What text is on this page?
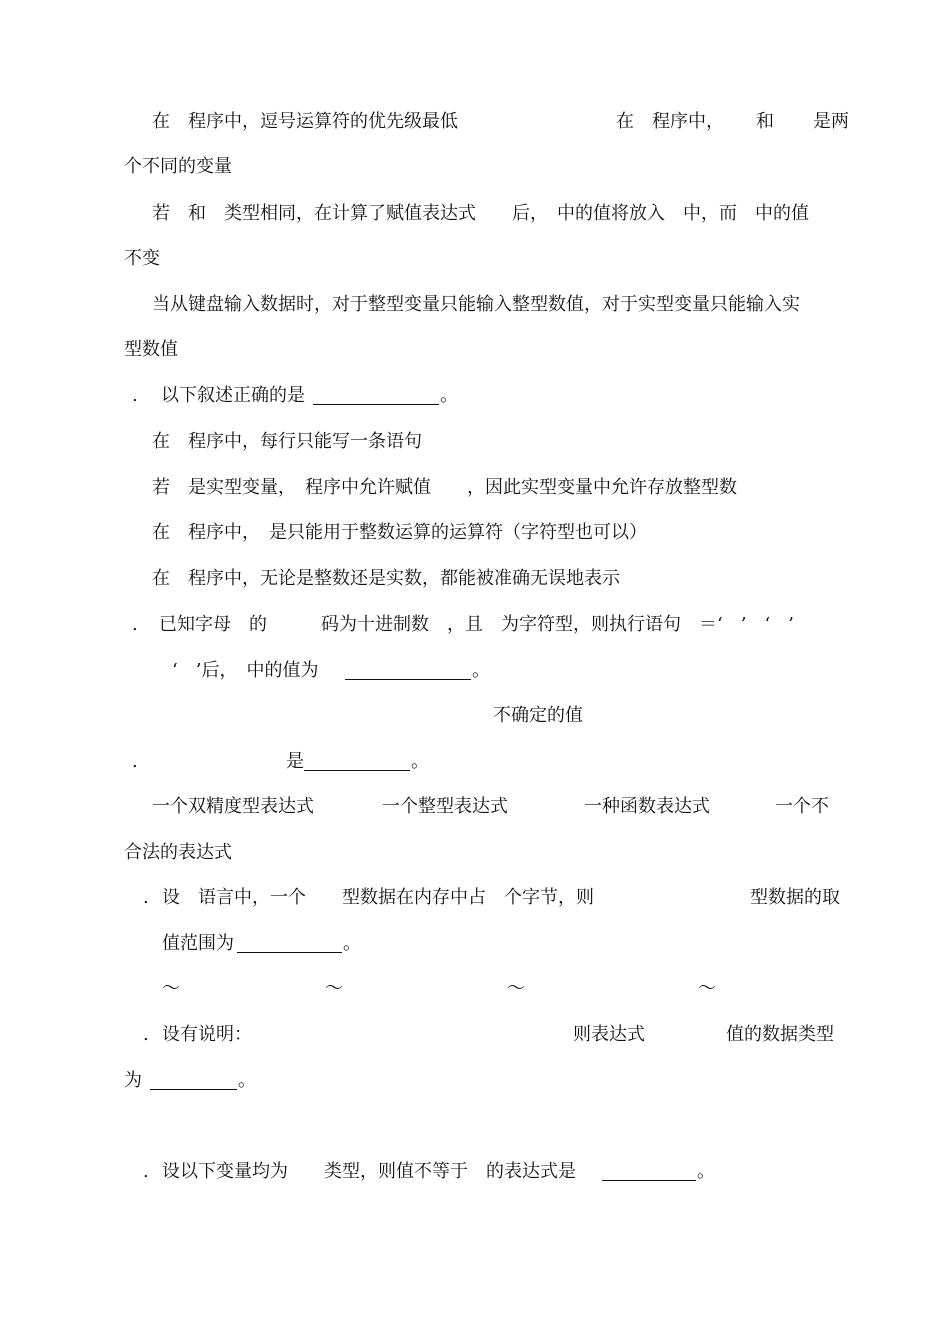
在　程序中，逗号运算符的优先级最低	在　程序中， 和 是两
个不同的变量
若　和　类型相同，在计算了赋值表达式　　后，　中的值将放入　中，而　中的值
不变
当从键盘输入数据时，对于整型变量只能输入整型数值，对于实型变量只能输入实
型数值
. 以下叙述正确的是	。
在　程序中，每行只能写一条语句
若　是实型变量，　程序中允许赋值　　，因此实型变量中允许存放整型数
在　程序中，　是只能用于整数运算的运算符（字符型也可以）
在　程序中，无论是整数还是实数，都能被准确无误地表示
. 已知字母　的　　　码为十进制数　，且　为字符型，则执行语句　＝‘　’　‘　’
‘　’后，　中的值为	。
不确定的值
.	是	。
一个双精度型表达式	一个整型表达式	一种函数表达式	一个不
合法的表达式
. 设　语言中，一个　　型数据在内存中占　个字节，则	型数据的取
值范围为	。
～	～	～	～
. 设有说明：	则表达式	值的数据类型
为	。
. 设以下变量均为　　类型，则值不等于　的表达式是	。
